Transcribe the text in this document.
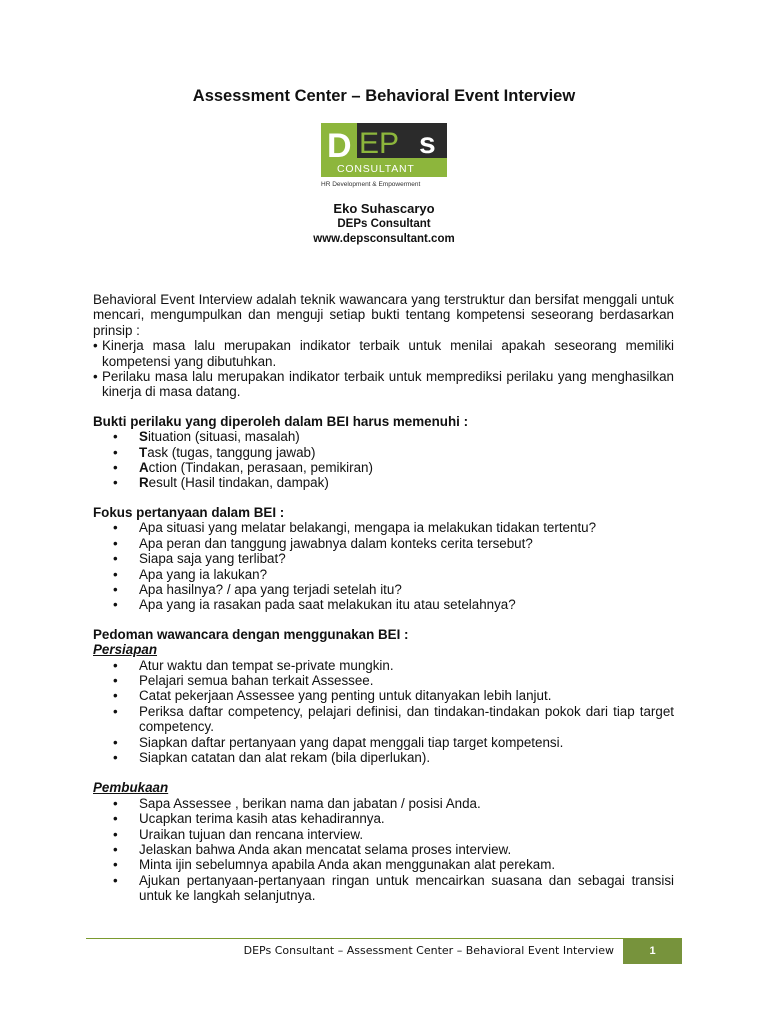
Assessment Center – Behavioral Event Interview
D EP s
CONSULTANT
HR Development & Empowerment
Eko Suhascaryo
DEPs Consultant
www.depsconsultant.com

Behavioral Event Interview adalah teknik wawancara yang terstruktur dan bersifat menggali untuk mencari, mengumpulkan dan menguji setiap bukti tentang kompetensi seseorang berdasarkan prinsip :

• Kinerja masa lalu merupakan indikator terbaik untuk menilai apakah seseorang memiliki kompetensi yang dibutuhkan.
• Perilaku masa lalu merupakan indikator terbaik untuk memprediksi perilaku yang menghasilkan kinerja di masa datang.
Bukti perilaku yang diperoleh dalam BEI harus memenuhi :
•	Situation (situasi, masalah)
•	Task (tugas, tanggung jawab)
•	Action (Tindakan, perasaan, pemikiran)
•	Result (Hasil tindakan, dampak)
Fokus pertanyaan dalam BEI :
•	Apa situasi yang melatar belakangi, mengapa ia melakukan tidakan tertentu?
•	Apa peran dan tanggung jawabnya dalam konteks cerita tersebut?
•	Siapa saja yang terlibat?
•	Apa yang ia lakukan?
•	Apa hasilnya? / apa yang terjadi setelah itu?
•	Apa yang ia rasakan pada saat melakukan itu atau setelahnya?
Pedoman wawancara dengan menggunakan BEI :
Persiapan
•	Atur waktu dan tempat se-private mungkin.
•	Pelajari semua bahan terkait Assessee.
•	Catat pekerjaan Assessee yang penting untuk ditanyakan lebih lanjut.
•	Periksa daftar competency, pelajari definisi, dan tindakan-tindakan pokok dari tiap target competency.
•	Siapkan daftar pertanyaan yang dapat menggali tiap target kompetensi.
•	Siapkan catatan dan alat rekam (bila diperlukan).
Pembukaan
•	Sapa Assessee , berikan nama dan jabatan / posisi Anda.
•	Ucapkan terima kasih atas kehadirannya.
•	Uraikan tujuan dan rencana interview.
•	Jelaskan bahwa Anda akan mencatat selama proses interview.
•	Minta ijin sebelumnya apabila Anda akan menggunakan alat perekam.
•	Ajukan pertanyaan-pertanyaan ringan untuk mencairkan suasana dan sebagai transisi untuk ke langkah selanjutnya.
DEPs Consultant – Assessment Center – Behavioral Event Interview	1
